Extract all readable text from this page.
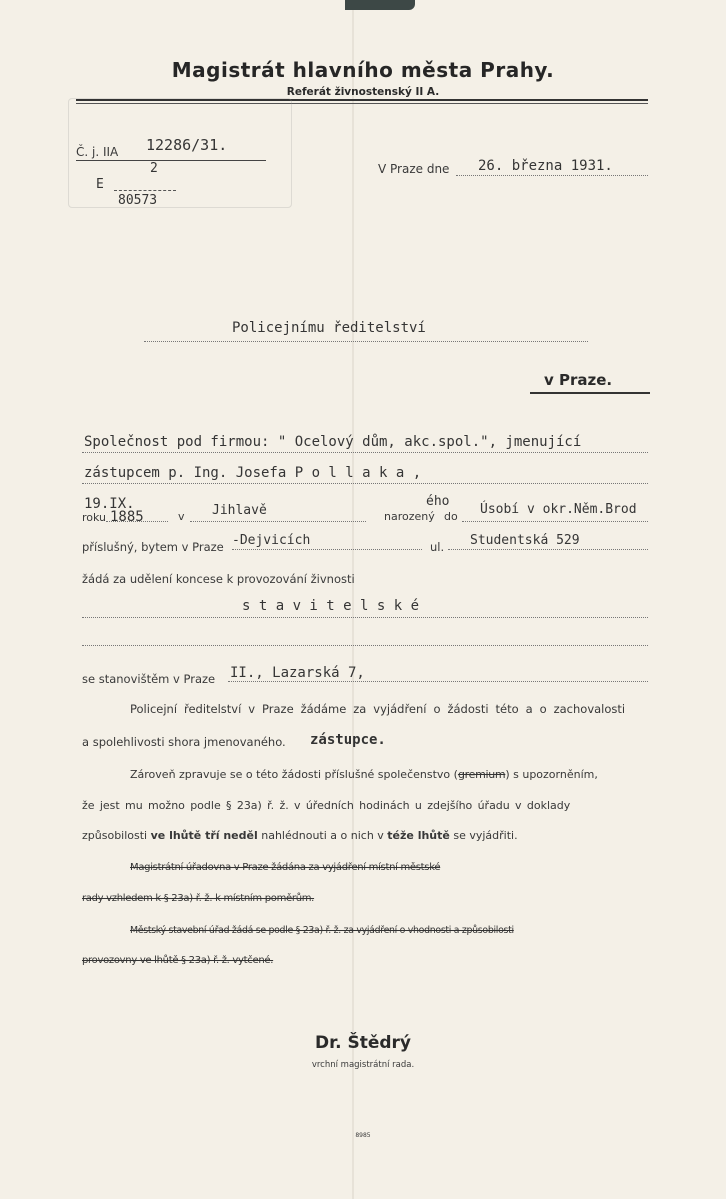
Magistrát hlavního města Prahy.
Referát živnostenský II A.
Č. j. IIA 12286/31.
2
E
80573
V Praze dne 26. března 1931.
Policejnímu ředitelství
v Praze.
Společnost pod firmou: " Ocelový dům, akc.spol.", jmenující
zástupcem p. Ing. Josefa P o l l a k a ,
19.IX.
roku 1885	v Jihlavě	narozený
ého
do Úsobí v okr.Něm.Brod
příslušný, bytem v Praze -Dejvicích	ul. Studentská 529
žádá za udělení koncese k provozování živnosti
s t a v i t e l s k é
se stanovištěm v Praze II., Lazarská 7,
Policejní ředitelství v Praze žádáme za vyjádření o žádosti této a o zachovalosti
a spolehlivosti shora jmenovaného. zástupce.
Zároveň zpravuje se o této žádosti příslušné společenstvo (gremium) s upozorněním,
že jest mu možno podle § 23a) ř. ž. v úředních hodinách u zdejšího úřadu v doklady
způsobilosti ve lhůtě tří neděl nahlédnouti a o nich v téže lhůtě se vyjádřiti.
Magistrátní úřadovna v Praze žádána za vyjádření místní městské
rady vzhledem k § 23a) ř. ž. k místním poměrům.
Městský stavební úřad žádá se podle § 23a) ř. ž. za vyjádření o vhodnosti a způsobilosti
provozovny ve lhůtě § 23a) ř. ž. vytčené.
Dr. Štědrý
vrchní magistrátní rada.
8985
